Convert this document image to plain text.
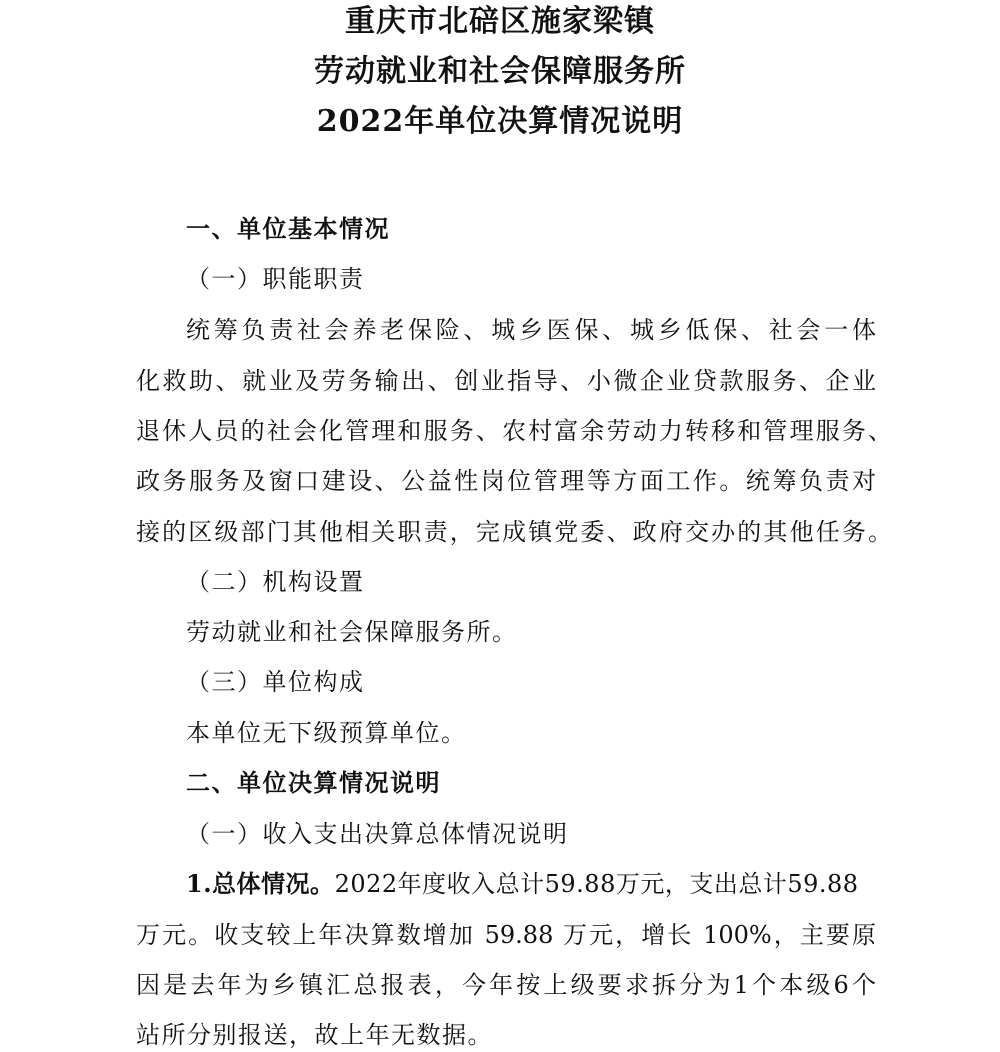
重庆市北碚区施家梁镇
劳动就业和社会保障服务所
2022年单位决算情况说明
一、单位基本情况
（一）职能职责
统筹负责社会养老保险、城乡医保、城乡低保、社会一体
化救助、就业及劳务输出、创业指导、小微企业贷款服务、企业
退休人员的社会化管理和服务、农村富余劳动力转移和管理服务、
政务服务及窗口建设、公益性岗位管理等方面工作。统筹负责对
接的区级部门其他相关职责，完成镇党委、政府交办的其他任务。
（二）机构设置
劳动就业和社会保障服务所。
（三）单位构成
本单位无下级预算单位。
二、单位决算情况说明
（一）收入支出决算总体情况说明
1.总体情况。2022年度收入总计59.88万元，支出总计59.88
万元。收支较上年决算数增加 59.88 万元，增长 100%，主要原
因是去年为乡镇汇总报表，今年按上级要求拆分为1个本级6个
站所分别报送，故上年无数据。
